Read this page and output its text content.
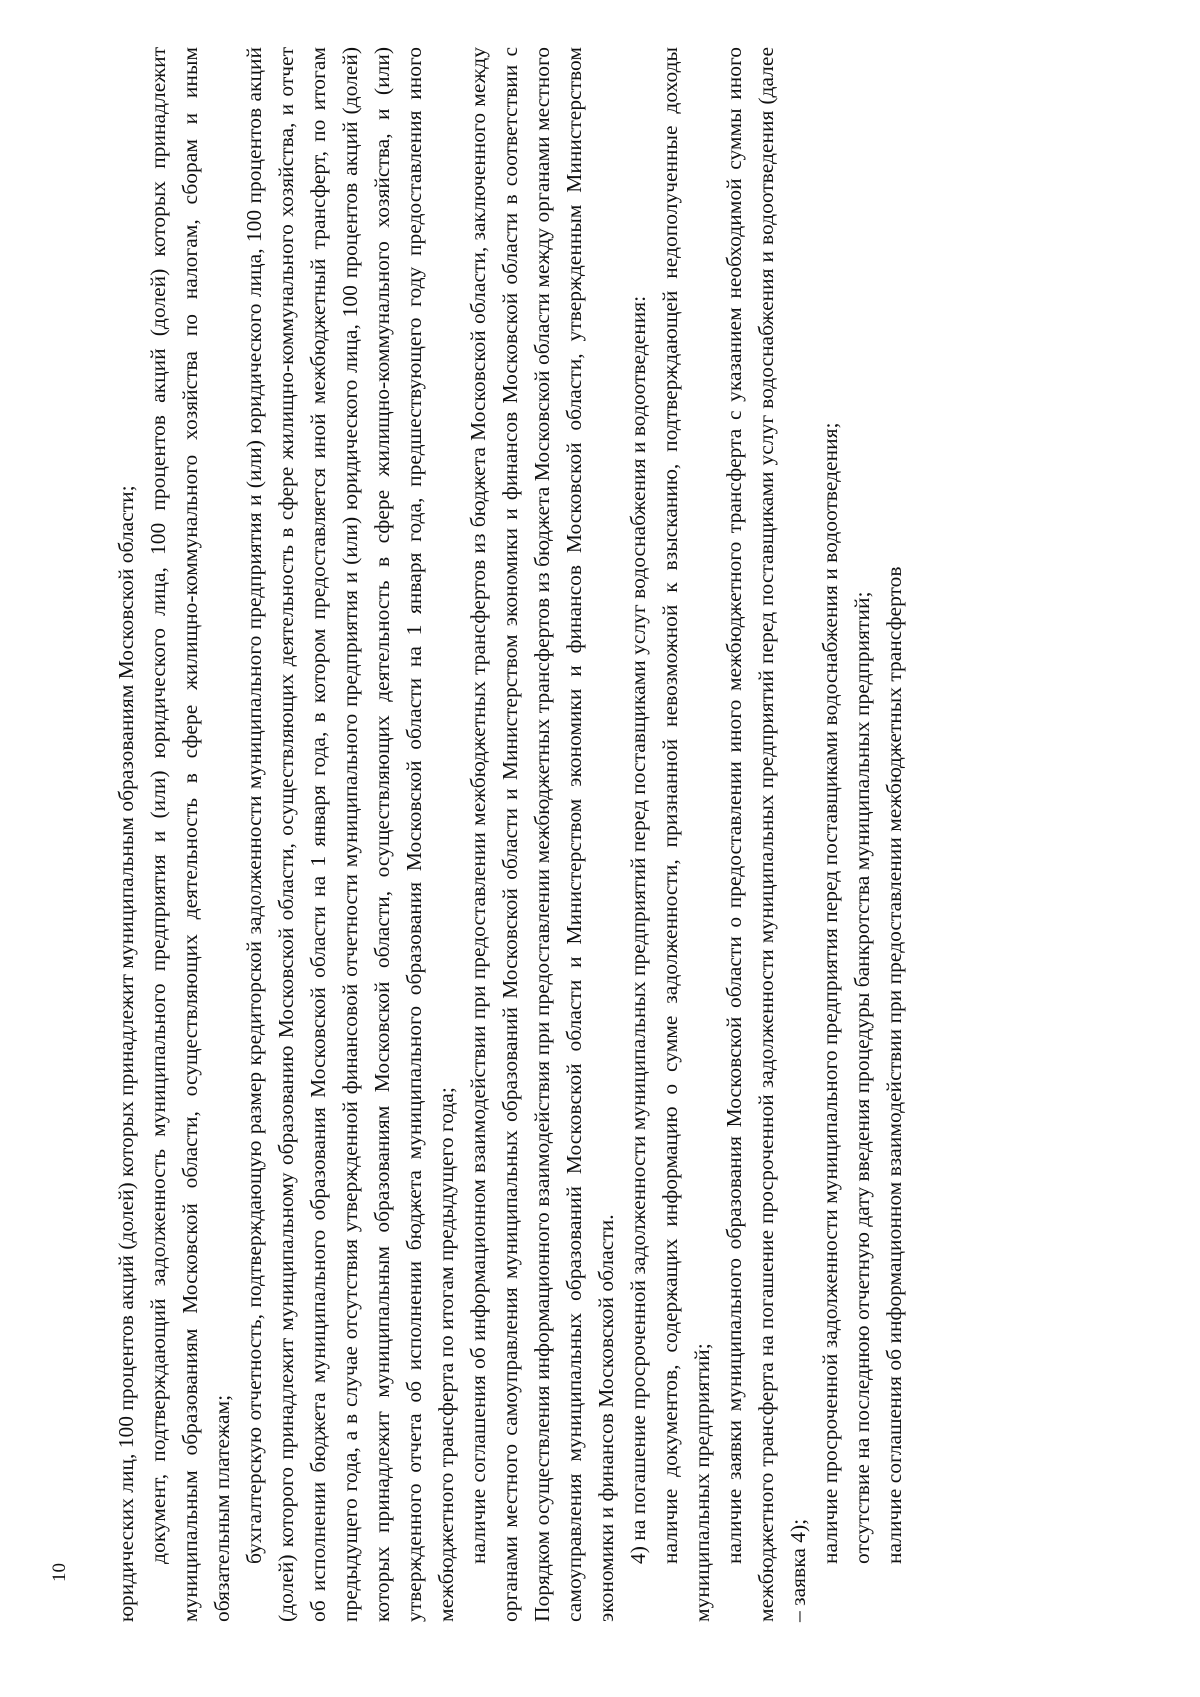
10 юридических лиц, 100 процентов акций (долей) которых принадлежит муниципальным образованиям Московской области; документ, подтверждающий задолженность муниципального предприятия и (или) юридического лица, 100 процентов акций (долей) которых принадлежит муниципальным образованиям Московской области, осуществляющих деятельность в сфере жилищно-коммунального хозяйства по налогам, сборам и иным обязательным платежам; бухгалтерскую отчетность, подтверждающую размер кредиторской задолженности муниципального предприятия и (или) юридического лица, 100 процентов акций (долей) которого принадлежит муниципальному образованию Московской области, осуществляющих деятельность в сфере жилищно-коммунального хозяйства, и отчет об исполнении бюджета муниципального образования Московской области на 1 января года, в котором предоставляется иной межбюджетный трансферт, по итогам предыдущего года, а в случае отсутствия утвержденной финансовой отчетности муниципального предприятия и (или) юридического лица, 100 процентов акций (долей) которых принадлежит муниципальным образованиям Московской области, осуществляющих деятельность в сфере жилищно-коммунального хозяйства, и (или) утвержденного отчета об исполнении бюджета муниципального образования Московской области на 1 января года, предшествующего году предоставления иного межбюджетного трансферта по итогам предыдущего года; наличие соглашения об информационном взаимодействии при предоставлении межбюджетных трансфертов из бюджета Московской области, заключенного между органами местного самоуправления муниципальных образований Московской области и Министерством экономики и финансов Московской области в соответствии с Порядком осуществления информационного взаимодействия при предоставлении межбюджетных трансфертов из бюджета Московской области между органами местного самоуправления муниципальных образований Московской области и Министерством экономики и финансов Московской области, утвержденным Министерством экономики и финансов Московской области. 4) на погашение просроченной задолженности муниципальных предприятий перед поставщиками услуг водоснабжения и водоотведения: наличие документов, содержащих информацию о сумме задолженности, признанной невозможной к взысканию, подтверждающей недополученные доходы муниципальных предприятий; наличие заявки муниципального образования Московской области о предоставлении иного межбюджетного трансферта с указанием необходимой суммы иного межбюджетного трансферта на погашение просроченной задолженности муниципальных предприятий перед поставщиками услуг водоснабжения и водоотведения (далее – заявка 4);

наличие просроченной задолженности муниципального предприятия перед поставщиками водоснабжения и водоотведения; отсутствие на последнюю отчетную дату введения процедуры банкротства муниципальных предприятий; наличие соглашения об информационном взаимодействии при предоставлении межбюджетных трансфертов
